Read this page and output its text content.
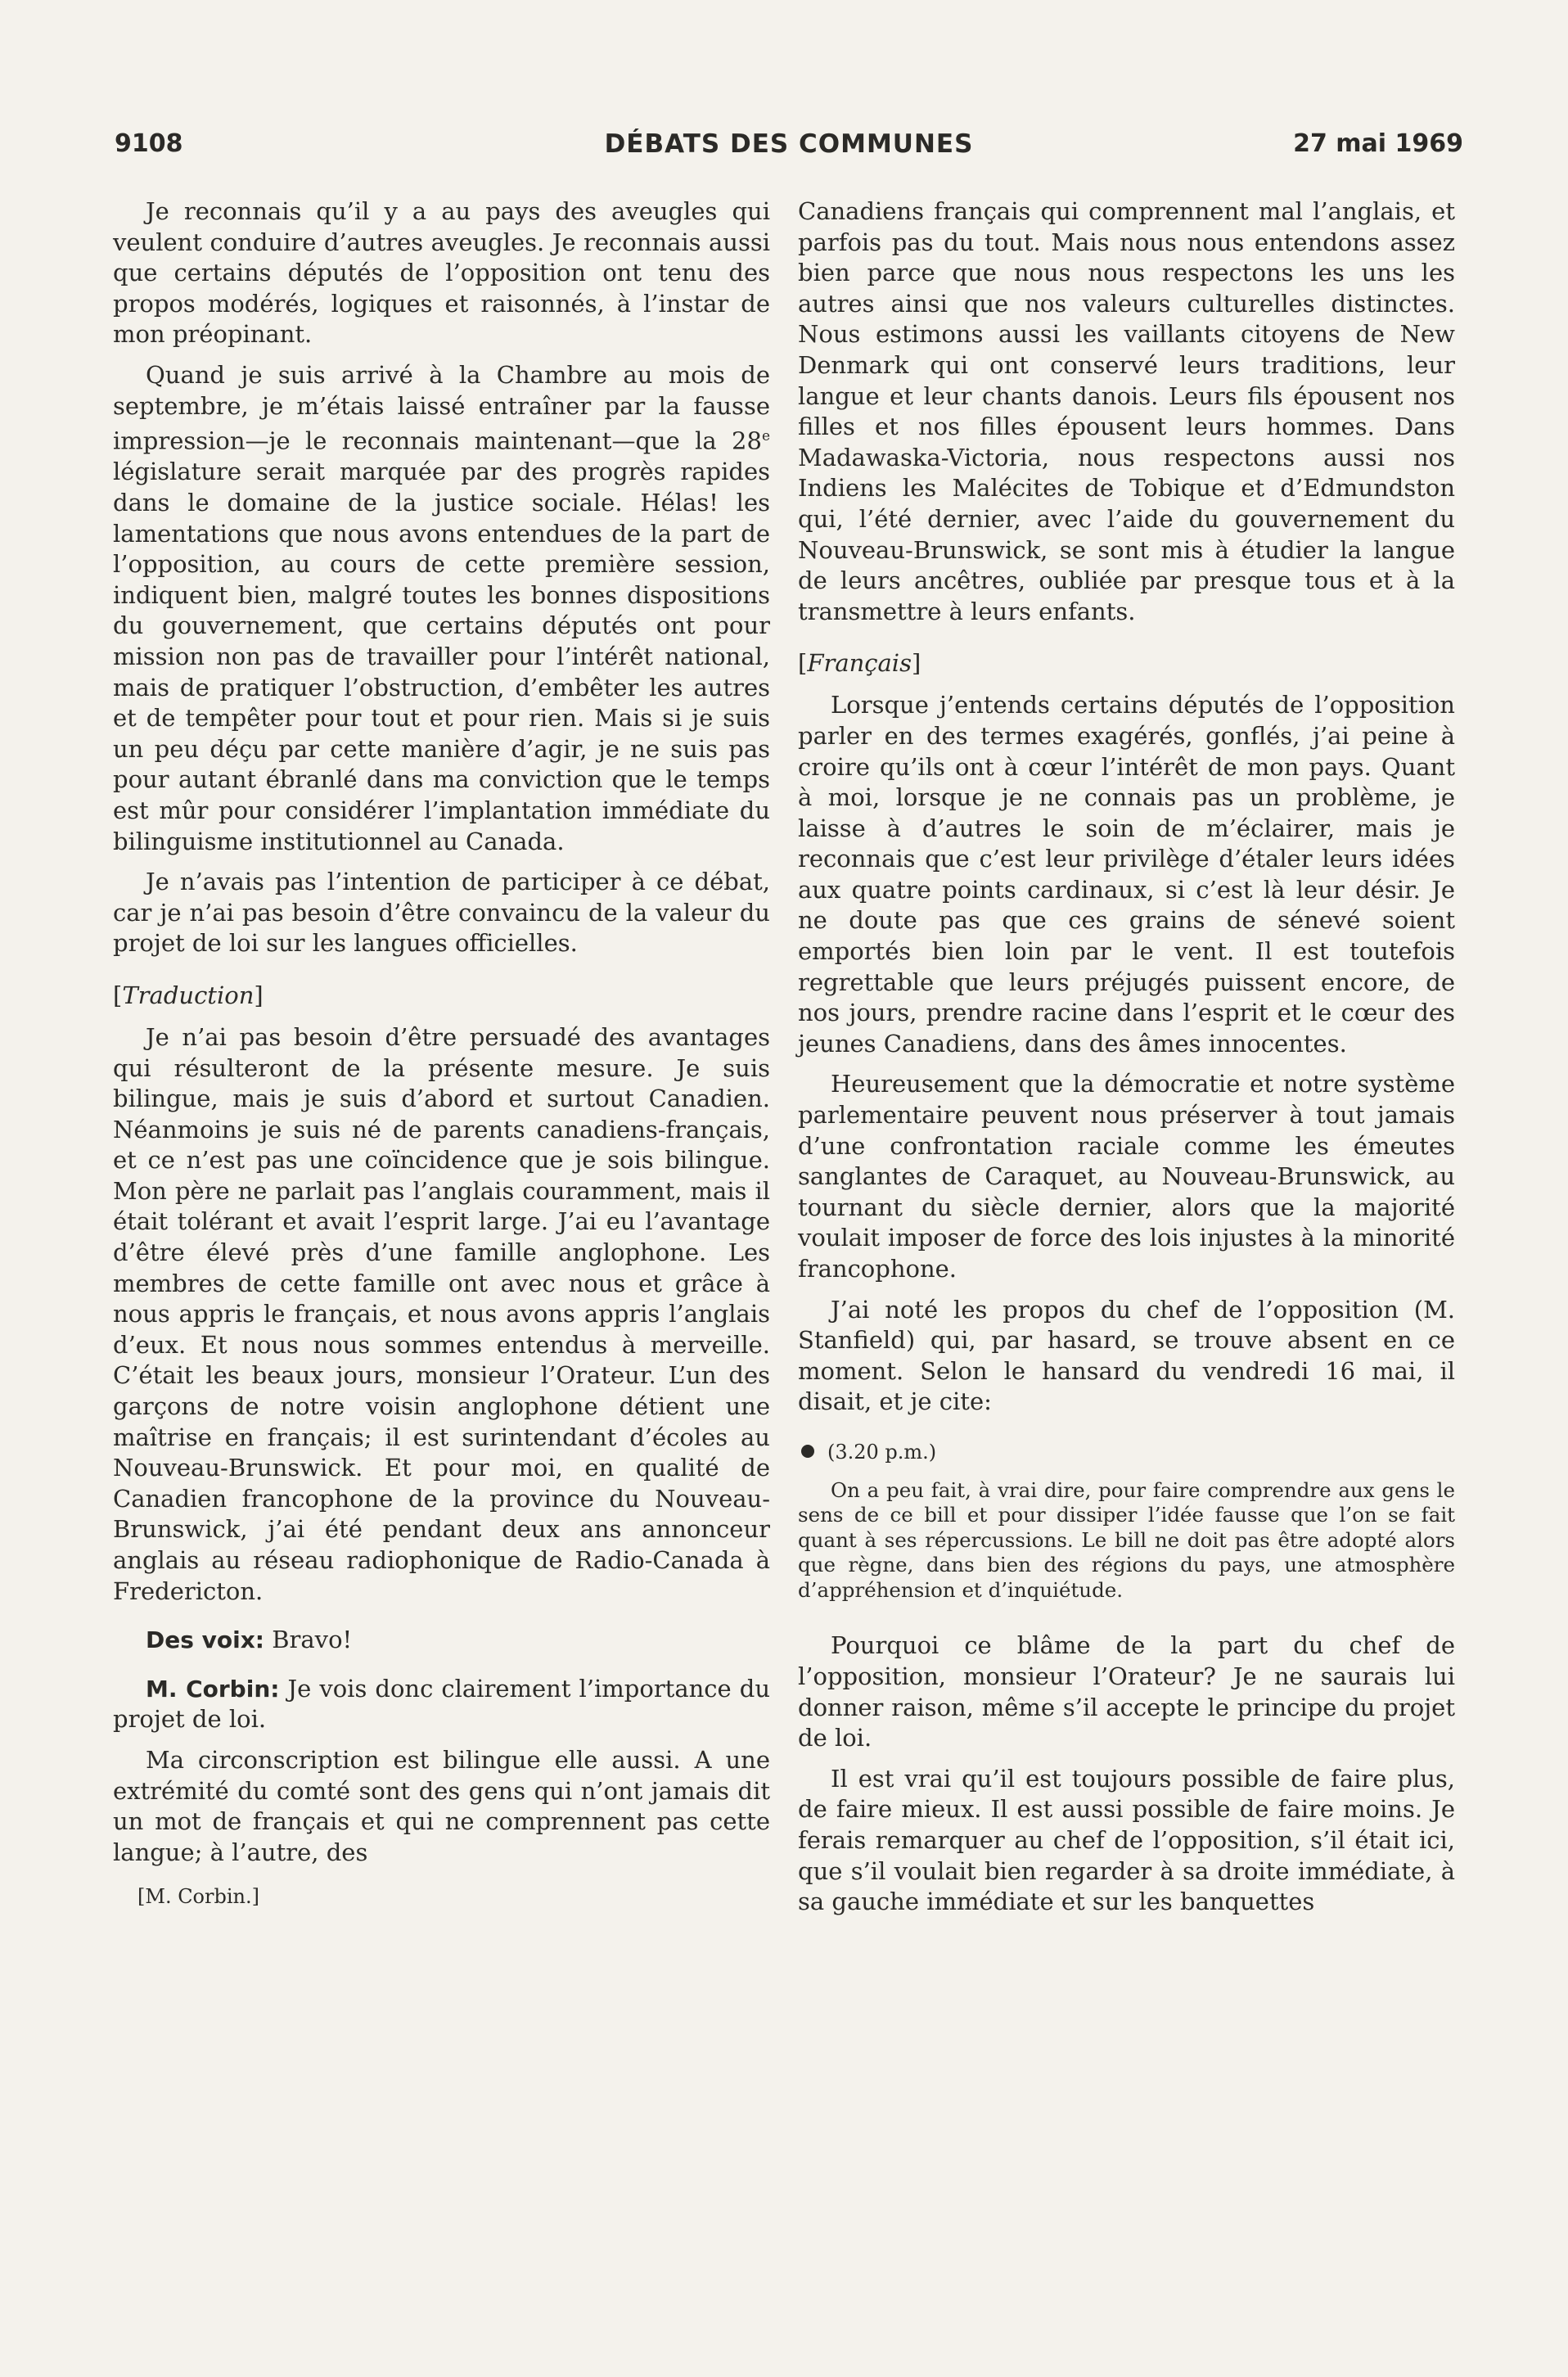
9108	DÉBATS DES COMMUNES	27 mai 1969

Je reconnais qu’il y a au pays des aveugles qui veulent conduire d’autres aveugles. Je reconnais aussi que certains députés de l’opposition ont tenu des propos modérés, logiques et raisonnés, à l’instar de mon préopinant.

Quand je suis arrivé à la Chambre au mois de septembre, je m’étais laissé entraîner par la fausse impression—je le reconnais maintenant—que la 28e législature serait marquée par des progrès rapides dans le domaine de la justice sociale. Hélas! les lamentations que nous avons entendues de la part de l’opposition, au cours de cette première session, indiquent bien, malgré toutes les bonnes dispositions du gouvernement, que certains députés ont pour mission non pas de travailler pour l’intérêt national, mais de pratiquer l’obstruction, d’embêter les autres et de tempêter pour tout et pour rien. Mais si je suis un peu déçu par cette manière d’agir, je ne suis pas pour autant ébranlé dans ma conviction que le temps est mûr pour considérer l’implantation immédiate du bilinguisme institutionnel au Canada.

Je n’avais pas l’intention de participer à ce débat, car je n’ai pas besoin d’être convaincu de la valeur du projet de loi sur les langues officielles.

[Traduction]

Je n’ai pas besoin d’être persuadé des avantages qui résulteront de la présente mesure. Je suis bilingue, mais je suis d’abord et surtout Canadien. Néanmoins je suis né de parents canadiens-français, et ce n’est pas une coïncidence que je sois bilingue. Mon père ne parlait pas l’anglais couramment, mais il était tolérant et avait l’esprit large. J’ai eu l’avantage d’être élevé près d’une famille anglophone. Les membres de cette famille ont avec nous et grâce à nous appris le français, et nous avons appris l’anglais d’eux. Et nous nous sommes entendus à merveille. C’était les beaux jours, monsieur l’Orateur. L’un des garçons de notre voisin anglophone détient une maîtrise en français; il est surintendant d’écoles au Nouveau-Brunswick. Et pour moi, en qualité de Canadien francophone de la province du Nouveau-Brunswick, j’ai été pendant deux ans annonceur anglais au réseau radiophonique de Radio-Canada à Fredericton.

Des voix: Bravo!

M. Corbin: Je vois donc clairement l’importance du projet de loi.

Ma circonscription est bilingue elle aussi. A une extrémité du comté sont des gens qui n’ont jamais dit un mot de français et qui ne comprennent pas cette langue; à l’autre, des

[M. Corbin.]

Canadiens français qui comprennent mal l’anglais, et parfois pas du tout. Mais nous nous entendons assez bien parce que nous nous respectons les uns les autres ainsi que nos valeurs culturelles distinctes. Nous estimons aussi les vaillants citoyens de New Denmark qui ont conservé leurs traditions, leur langue et leur chants danois. Leurs fils épousent nos filles et nos filles épousent leurs hommes. Dans Madawaska-Victoria, nous respectons aussi nos Indiens les Malécites de Tobique et d’Edmundston qui, l’été dernier, avec l’aide du gouvernement du Nouveau-Brunswick, se sont mis à étudier la langue de leurs ancêtres, oubliée par presque tous et à la transmettre à leurs enfants.

[Français]

Lorsque j’entends certains députés de l’opposition parler en des termes exagérés, gonflés, j’ai peine à croire qu’ils ont à cœur l’intérêt de mon pays. Quant à moi, lorsque je ne connais pas un problème, je laisse à d’autres le soin de m’éclairer, mais je reconnais que c’est leur privilège d’étaler leurs idées aux quatre points cardinaux, si c’est là leur désir. Je ne doute pas que ces grains de sénevé soient emportés bien loin par le vent. Il est toutefois regrettable que leurs préjugés puissent encore, de nos jours, prendre racine dans l’esprit et le cœur des jeunes Canadiens, dans des âmes innocentes.

Heureusement que la démocratie et notre système parlementaire peuvent nous préserver à tout jamais d’une confrontation raciale comme les émeutes sanglantes de Caraquet, au Nouveau-Brunswick, au tournant du siècle dernier, alors que la majorité voulait imposer de force des lois injustes à la minorité francophone.

J’ai noté les propos du chef de l’opposition (M. Stanfield) qui, par hasard, se trouve absent en ce moment. Selon le hansard du vendredi 16 mai, il disait, et je cite:

(3.20 p.m.)

On a peu fait, à vrai dire, pour faire comprendre aux gens le sens de ce bill et pour dissiper l’idée fausse que l’on se fait quant à ses répercussions. Le bill ne doit pas être adopté alors que règne, dans bien des régions du pays, une atmosphère d’appréhension et d’inquiétude.

Pourquoi ce blâme de la part du chef de l’opposition, monsieur l’Orateur? Je ne saurais lui donner raison, même s’il accepte le principe du projet de loi.

Il est vrai qu’il est toujours possible de faire plus, de faire mieux. Il est aussi possible de faire moins. Je ferais remarquer au chef de l’opposition, s’il était ici, que s’il voulait bien regarder à sa droite immédiate, à sa gauche immédiate et sur les banquettes
